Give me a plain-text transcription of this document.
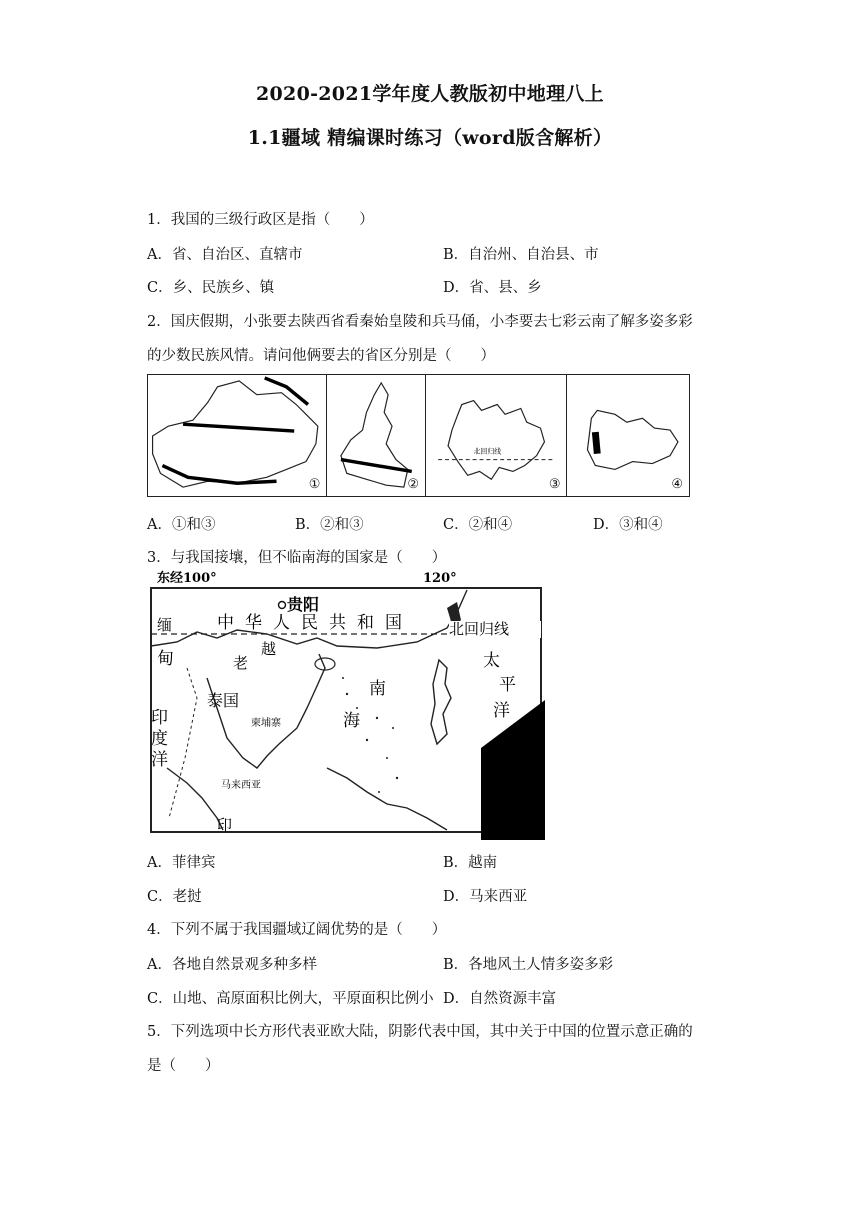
2020-2021学年度人教版初中地理八上
1.1疆域 精编课时练习（word版含解析）
1．我国的三级行政区是指（　　）
A．省、自治区、直辖市	B．自治州、自治县、市
C．乡、民族乡、镇	D．省、县、乡
2．国庆假期，小张要去陕西省看秦始皇陵和兵马俑，小李要去七彩云南了解多姿多彩
的少数民族风情。请问他俩要去的省区分别是（　　）
①	②
北回归线
③	④
A．①和③	B．②和③	C．②和④	D．③和④
3．与我国接壤，但不临南海的国家是（　　）
东经100°	120°
贵阳
中华人民共和国 北回归线
缅
甸	老
越
泰国
柬埔寨
南
海
太
平
洋
印度洋
马来西亚
印
A．菲律宾	B．越南
C．老挝	D．马来西亚
4．下列不属于我国疆域辽阔优势的是（　　）
A．各地自然景观多种多样	B．各地风土人情多姿多彩
C．山地、高原面积比例大，平原面积比例小 D．自然资源丰富
5．下列选项中长方形代表亚欧大陆，阴影代表中国，其中关于中国的位置示意正确的
是（　　）
